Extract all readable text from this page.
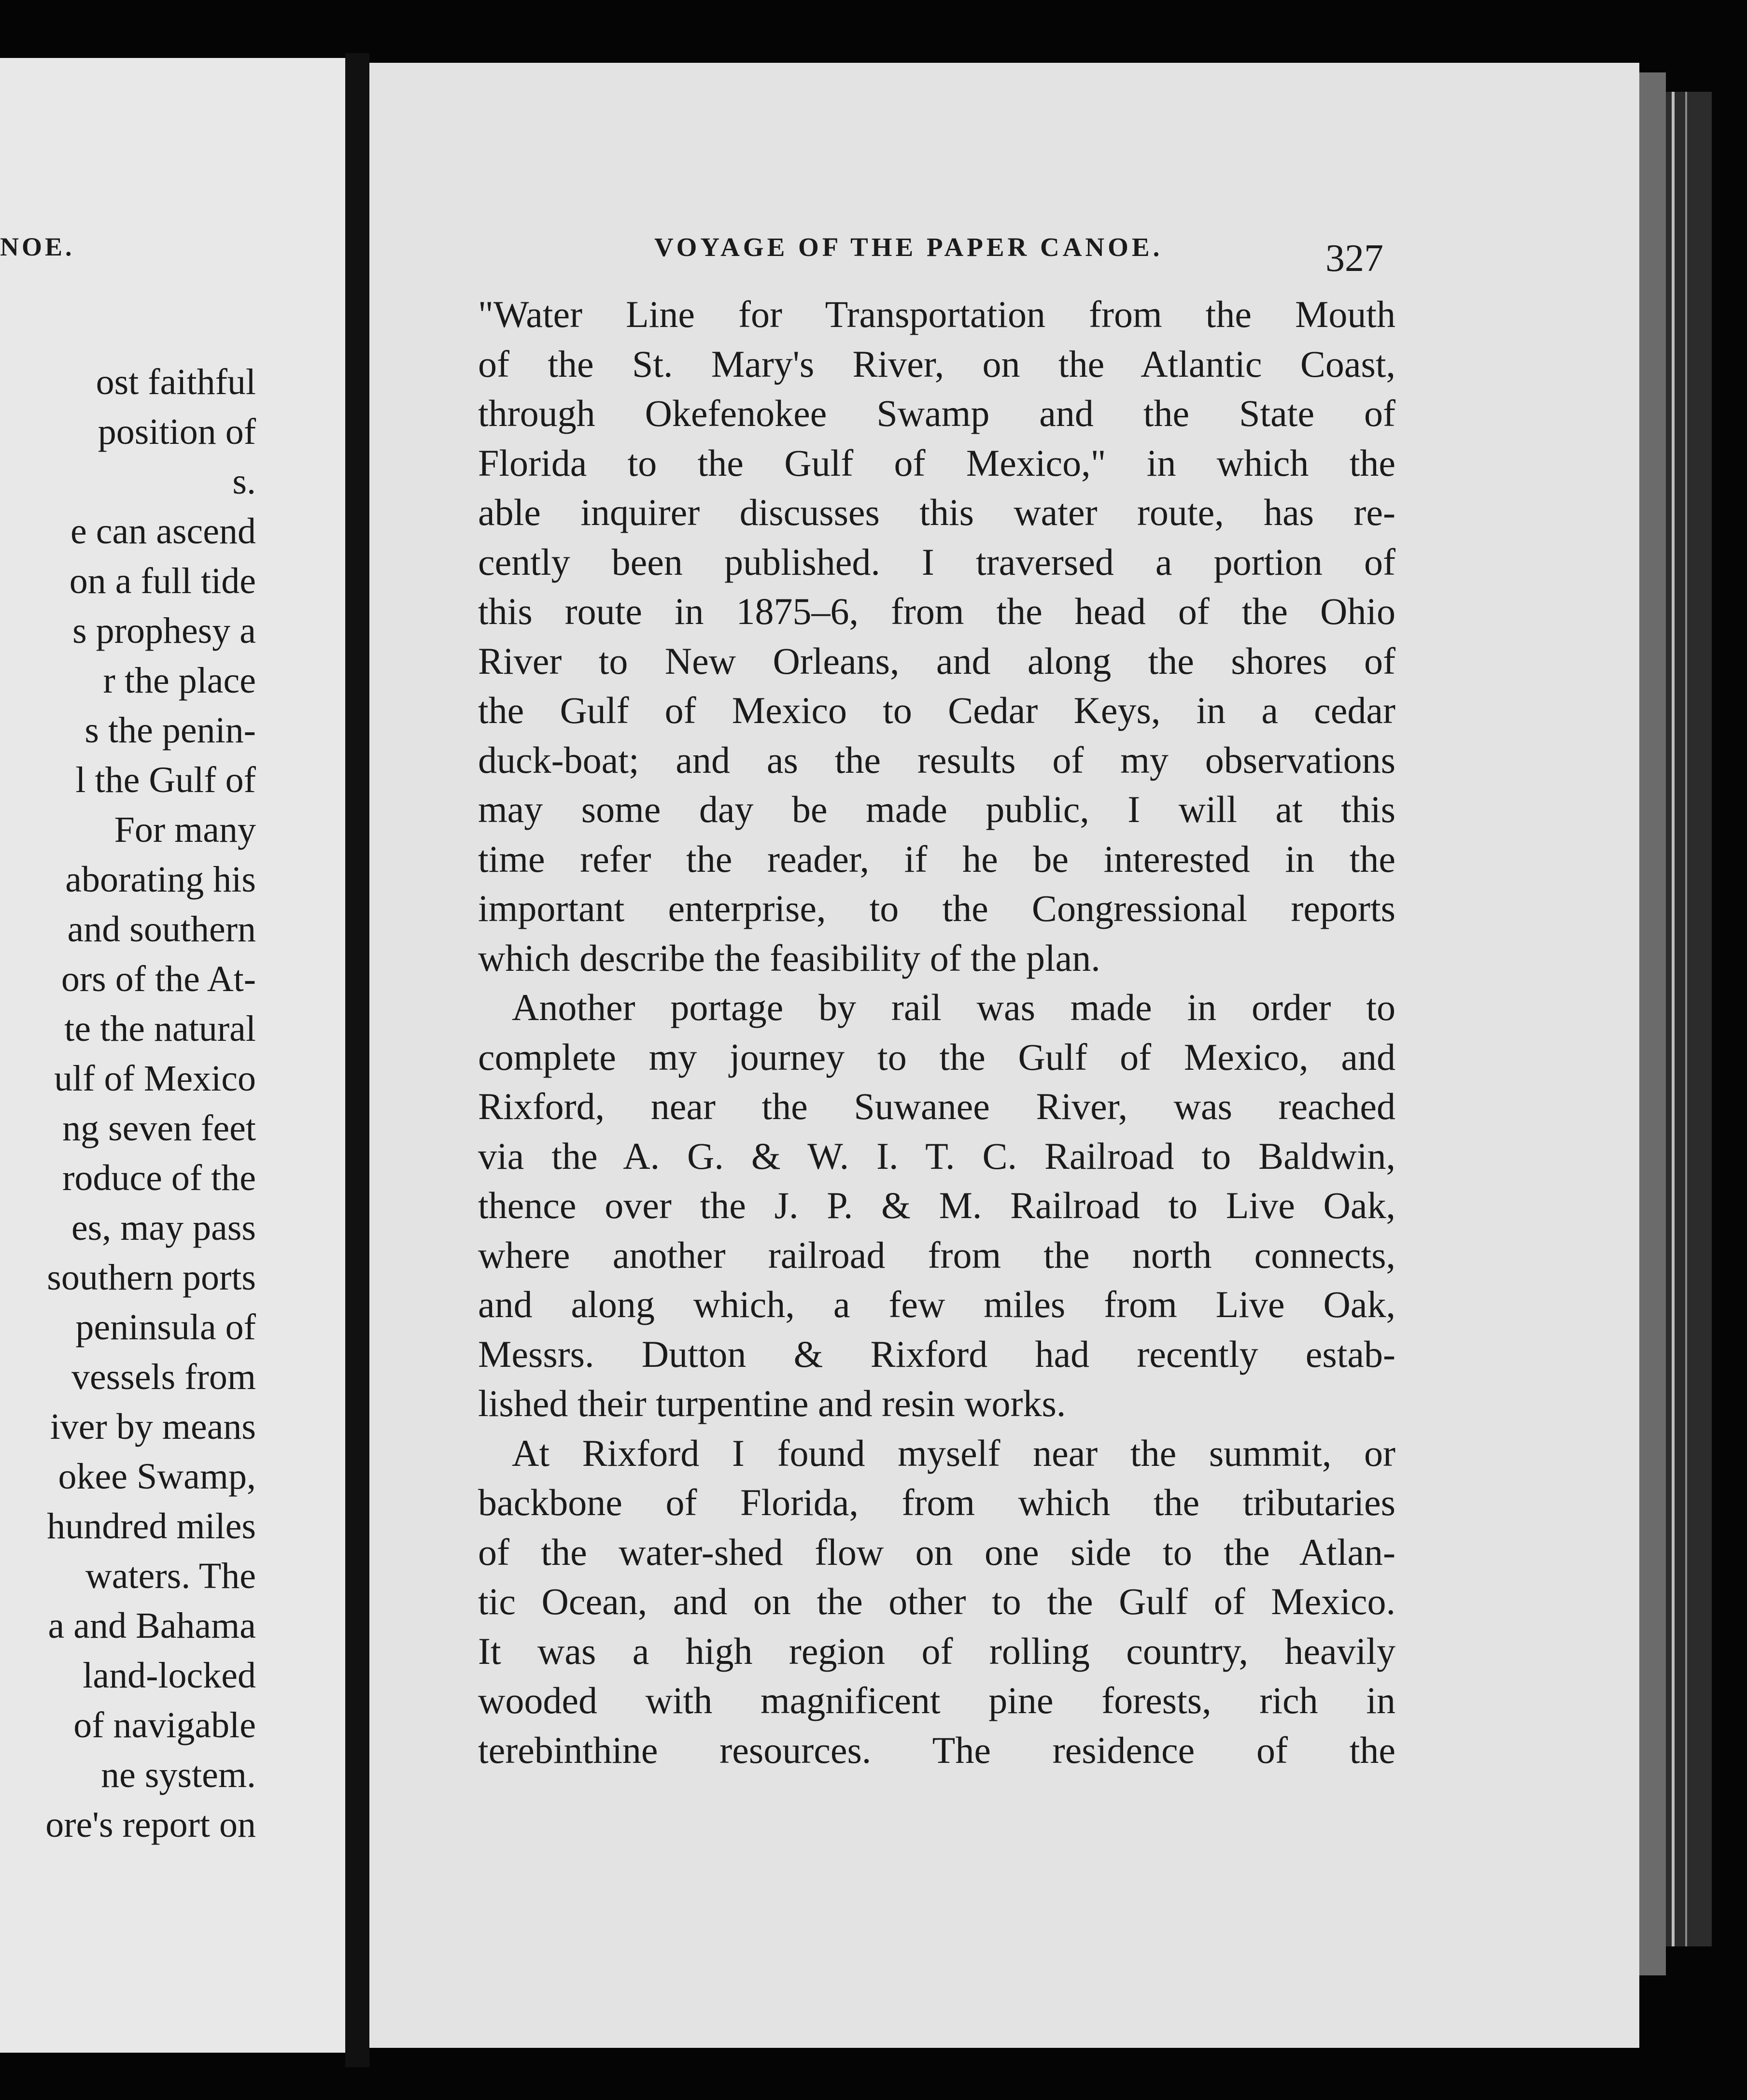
NOE.
ost faithful
position of
s.
e can ascend
on a full tide
s prophesy a
r the place
s the penin-
l the Gulf of
For many
aborating his
and southern
ors of the At-
te the natural
ulf of Mexico
ng seven feet
roduce of the
es, may pass
southern ports
peninsula of
vessels from
iver by means
okee Swamp,
hundred miles
waters. The
a and Bahama
land-locked
of navigable
ne system.
ore's report on
VOYAGE OF THE PAPER CANOE.	327
"Water Line for Transportation from the Mouth
of the St. Mary's River, on the Atlantic Coast,
through Okefenokee Swamp and the State of
Florida to the Gulf of Mexico," in which the
able inquirer discusses this water route, has re-
cently been published. I traversed a portion of
this route in 1875–6, from the head of the Ohio
River to New Orleans, and along the shores of
the Gulf of Mexico to Cedar Keys, in a cedar
duck-boat; and as the results of my observations
may some day be made public, I will at this
time refer the reader, if he be interested in the
important enterprise, to the Congressional reports
which describe the feasibility of the plan.
Another portage by rail was made in order to
complete my journey to the Gulf of Mexico, and
Rixford, near the Suwanee River, was reached
via the A. G. & W. I. T. C. Railroad to Baldwin,
thence over the J. P. & M. Railroad to Live Oak,
where another railroad from the north connects,
and along which, a few miles from Live Oak,
Messrs. Dutton & Rixford had recently estab-
lished their turpentine and resin works.
At Rixford I found myself near the summit, or
backbone of Florida, from which the tributaries
of the water-shed flow on one side to the Atlan-
tic Ocean, and on the other to the Gulf of Mexico.
It was a high region of rolling country, heavily
wooded with magnificent pine forests, rich in
terebinthine resources. The residence of the
